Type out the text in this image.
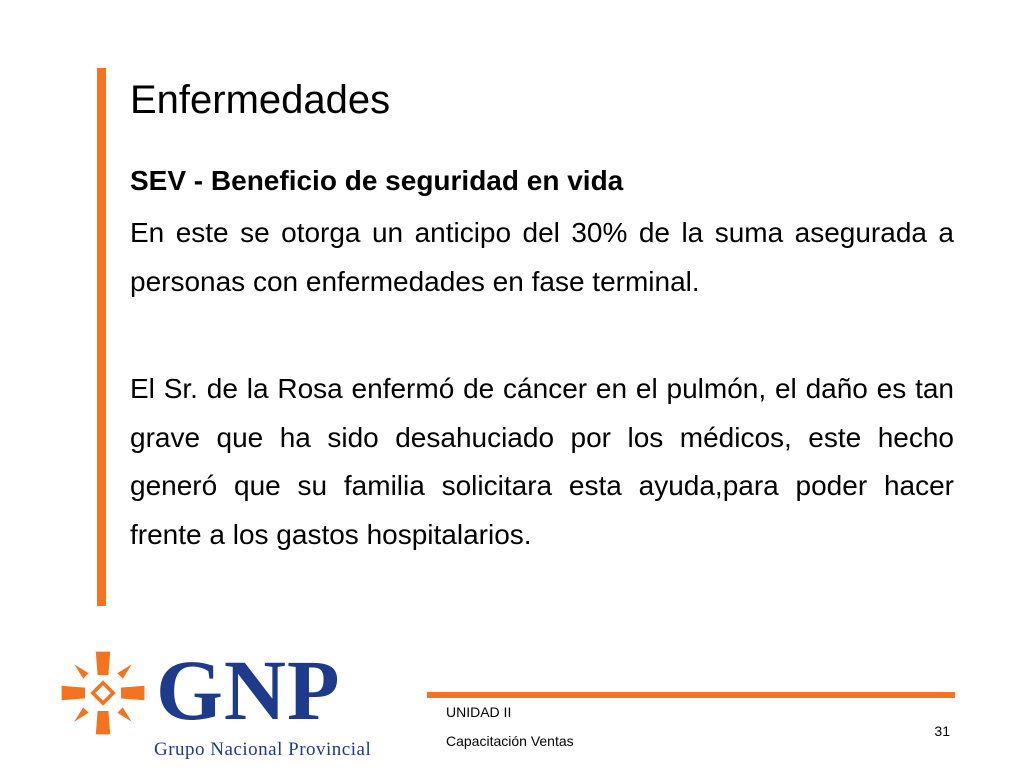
Enfermedades
SEV - Beneficio de seguridad en vida

En este se otorga un anticipo del 30% de la suma asegurada a personas con enfermedades en fase terminal.

El Sr. de la Rosa enfermó de cáncer en el pulmón, el daño es tan grave que ha sido desahuciado por los médicos, este hecho generó que su familia solicitara esta ayuda,para poder hacer frente a los gastos hospitalarios.

GNP
Grupo Nacional Provincial
UNIDAD II
Capacitación Ventas
31
